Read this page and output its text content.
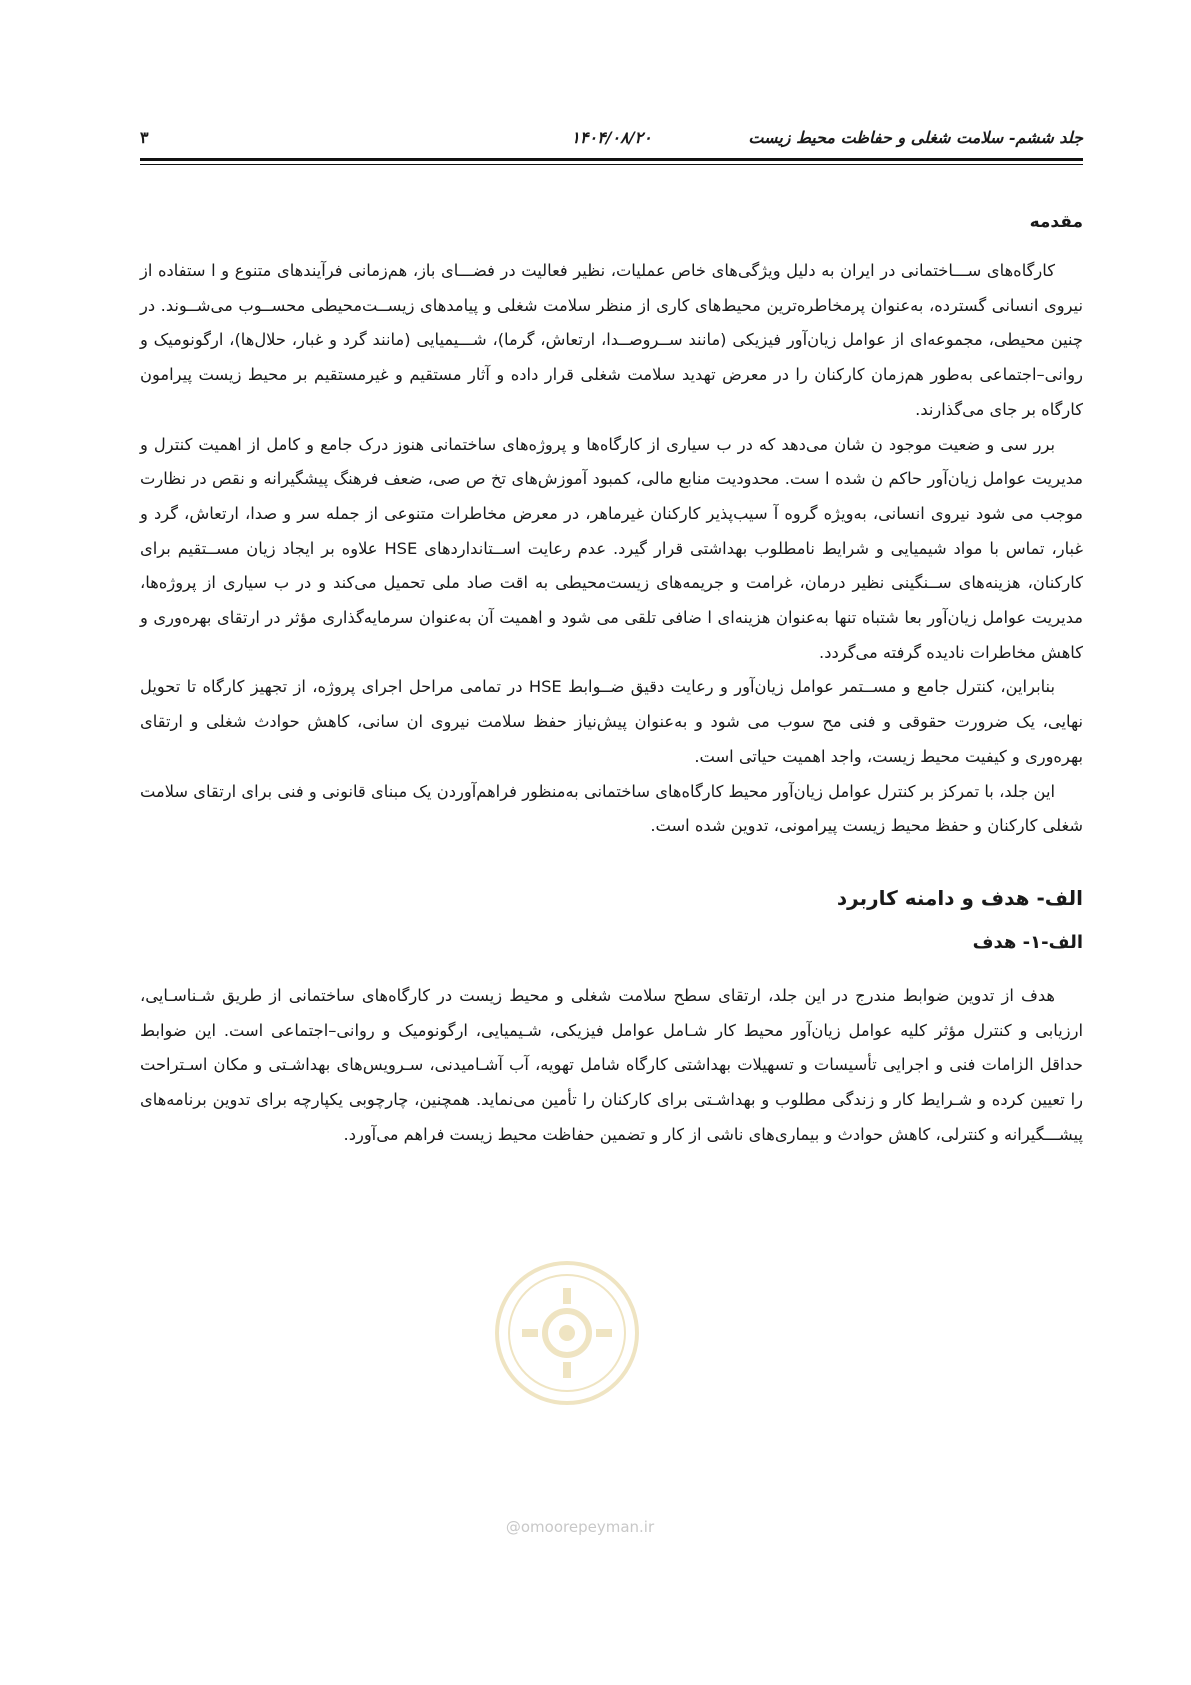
جلد ششم- سلامت شغلی و حفاظت محیط زیست
۱۴۰۴/۰۸/۲۰
۳
مقدمه

کارگاه‌های ســـاختمانی در ایران به دلیل ویژگی‌های خاص عملیات، نظیر فعالیت در فضـــای باز، هم‌زمانی فرآیندهای متنوع و ا ستفاده از نیروی انسانی گسترده، به‌عنوان پرمخاطره‌ترین محیط‌های کاری از منظر سلامت شغلی و پیامدهای زیســت‌محیطی محســوب می‌شــوند. در چنین محیطی، مجموعه‌ای از عوامل زیان‌آور فیزیکی (مانند ســروصــدا، ارتعاش، گرما)، شـــیمیایی (مانند گرد و غبار، حلال‌ها)، ارگونومیک و روانی–اجتماعی به‌طور هم‌زمان کارکنان را در معرض تهدید سلامت شغلی قرار داده و آثار مستقیم و غیرمستقیم بر محیط زیست پیرامون کارگاه بر جای می‌گذارند.

برر سی و ضعیت موجود ن شان می‌دهد که در ب سیاری از کارگاه‌ها و پروژه‌های ساختمانی هنوز درک جامع و کامل از اهمیت کنترل و مدیریت عوامل زیان‌آور حاکم ن شده ا ست. محدودیت منابع مالی، کمبود آموزش‌های تخ ص صی، ضعف فرهنگ پیشگیرانه و نقص در نظارت موجب می شود نیروی انسانی، به‌ویژه گروه آ سیب‌پذیر کارکنان غیرماهر، در معرض مخاطرات متنوعی از جمله سر و صدا، ارتعاش، گرد و غبار، تماس با مواد شیمیایی و شرایط نامطلوب بهداشتی قرار گیرد. عدم رعایت اســتانداردهای HSE علاوه بر ایجاد زیان مســتقیم برای کارکنان، هزینه‌های ســنگینی نظیر درمان، غرامت و جریمه‌های زیست‌محیطی به اقت صاد ملی تحمیل می‌کند و در ب سیاری از پروژه‌ها، مدیریت عوامل زیان‌آور بعا شتباه تنها به‌عنوان هزینه‌ای ا ضافی تلقی می شود و اهمیت آن به‌عنوان سرمایه‌گذاری مؤثر در ارتقای بهره‌وری و کاهش مخاطرات نادیده گرفته می‌گردد.

بنابراین، کنترل جامع و مســتمر عوامل زیان‌آور و رعایت دقیق ضــوابط HSE در تمامی مراحل اجرای پروژه، از تجهیز کارگاه تا تحویل نهایی، یک ضرورت حقوقی و فنی مح سوب می شود و به‌عنوان پیش‌نیاز حفظ سلامت نیروی ان سانی، کاهش حوادث شغلی و ارتقای بهره‌وری و کیفیت محیط زیست، واجد اهمیت حیاتی است.

این جلد، با تمرکز بر کنترل عوامل زیان‌آور محیط کارگاه‌های ساختمانی به‌منظور فراهم‌آوردن یک مبنای قانونی و فنی برای ارتقای سلامت شغلی کارکنان و حفظ محیط زیست پیرامونی، تدوین شده است.

الف- هدف و دامنه کاربرد
الف-۱- هدف

هدف از تدوین ضوابط مندرج در این جلد، ارتقای سطح سلامت شغلی و محیط زیست در کارگاه‌های ساختمانی از طریق شـناسـایی، ارزیابی و کنترل مؤثر کلیه عوامل زیان‌آور محیط کار شـامل عوامل فیزیکی، شـیمیایی، ارگونومیک و روانی–اجتماعی است. این ضوابط حداقل الزامات فنی و اجرایی تأسیسات و تسهیلات بهداشتی کارگاه شامل تهویه، آب آشـامیدنی، سـرویس‌های بهداشـتی و مکان اسـتراحت را تعیین کرده و شـرایط کار و زندگی مطلوب و بهداشـتی برای کارکنان را تأمین می‌نماید. همچنین، چارچوبی یکپارچه برای تدوین برنامه‌های پیشـــگیرانه و کنترلی، کاهش حوادث و بیماری‌های ناشی از کار و تضمین حفاظت محیط زیست فراهم می‌آورد.

@omoorepeyman.ir
